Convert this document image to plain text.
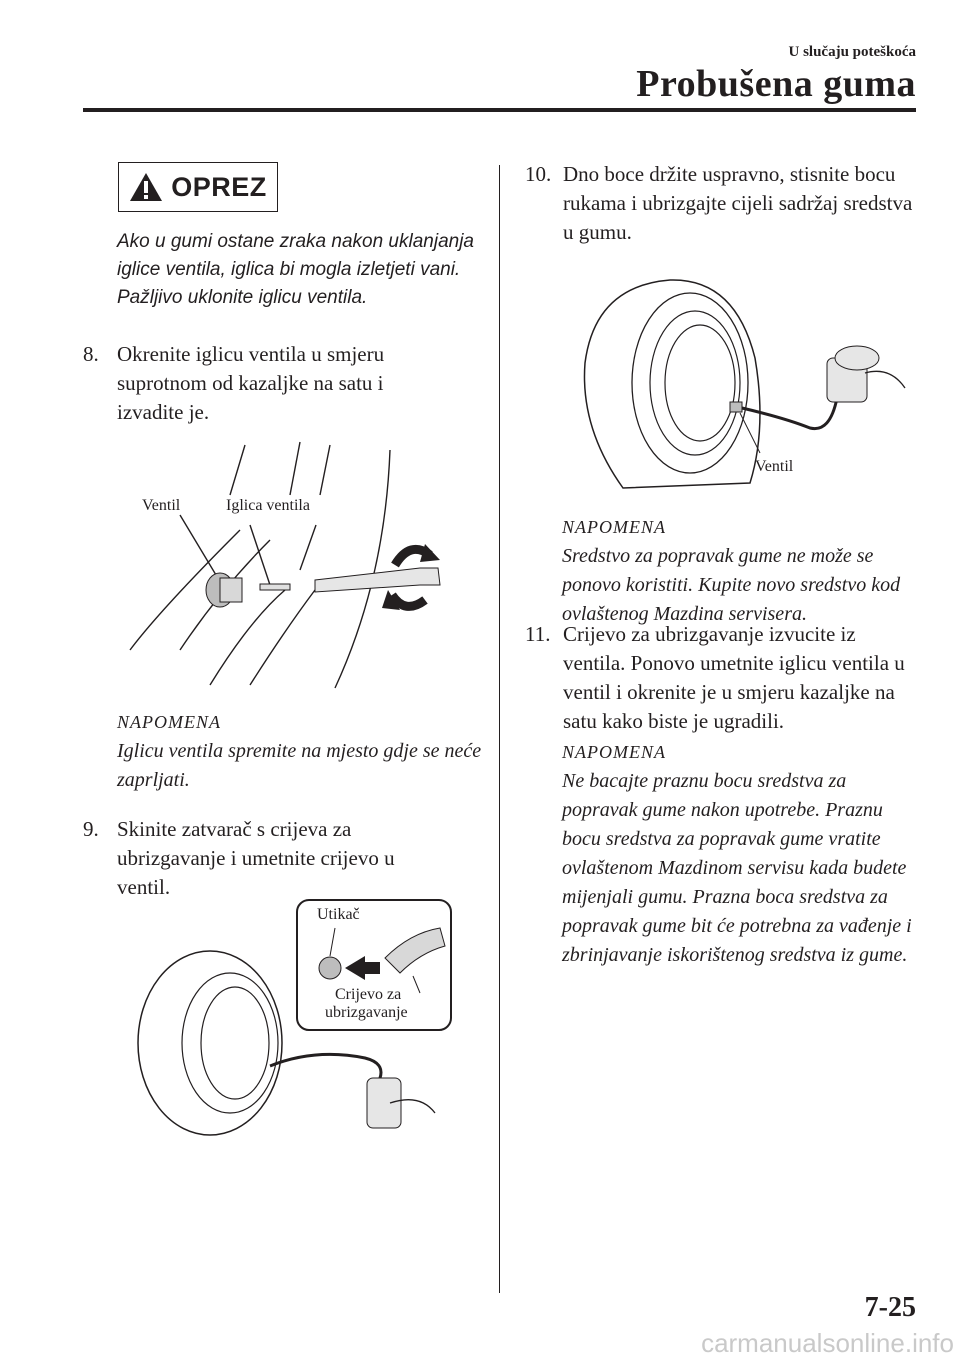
U slučaju poteškoća
Probušena guma
OPREZ
Ako u gumi ostane zraka nakon uklanjanja iglice ventila, iglica bi mogla izletjeti vani. Pažljivo uklonite iglicu ventila.
8. Okrenite iglicu ventila u smjeru suprotnom od kazaljke na satu i izvadite je.
Ventil	Iglica ventila
NAPOMENA
Iglicu ventila spremite na mjesto gdje se neće zaprljati.
9. Skinite zatvarač s crijeva za ubrizgavanje i umetnite crijevo u ventil.
Utikač
Crijevo za
ubrizgavanje
10. Dno boce držite uspravno, stisnite bocu rukama i ubrizgajte cijeli sadržaj sredstva u gumu.
Ventil
NAPOMENA
Sredstvo za popravak gume ne može se ponovo koristiti. Kupite novo sredstvo kod ovlaštenog Mazdina servisera.
11. Crijevo za ubrizgavanje izvucite iz ventila. Ponovo umetnite iglicu ventila u ventil i okrenite je u smjeru kazaljke na satu kako biste je ugradili.
NAPOMENA
Ne bacajte praznu bocu sredstva za popravak gume nakon upotrebe. Praznu bocu sredstva za popravak gume vratite ovlaštenom Mazdinom servisu kada budete mijenjali gumu. Prazna boca sredstva za popravak gume bit će potrebna za vađenje i zbrinjavanje iskorištenog sredstva iz gume.
7-25
carmanualsonline.info
